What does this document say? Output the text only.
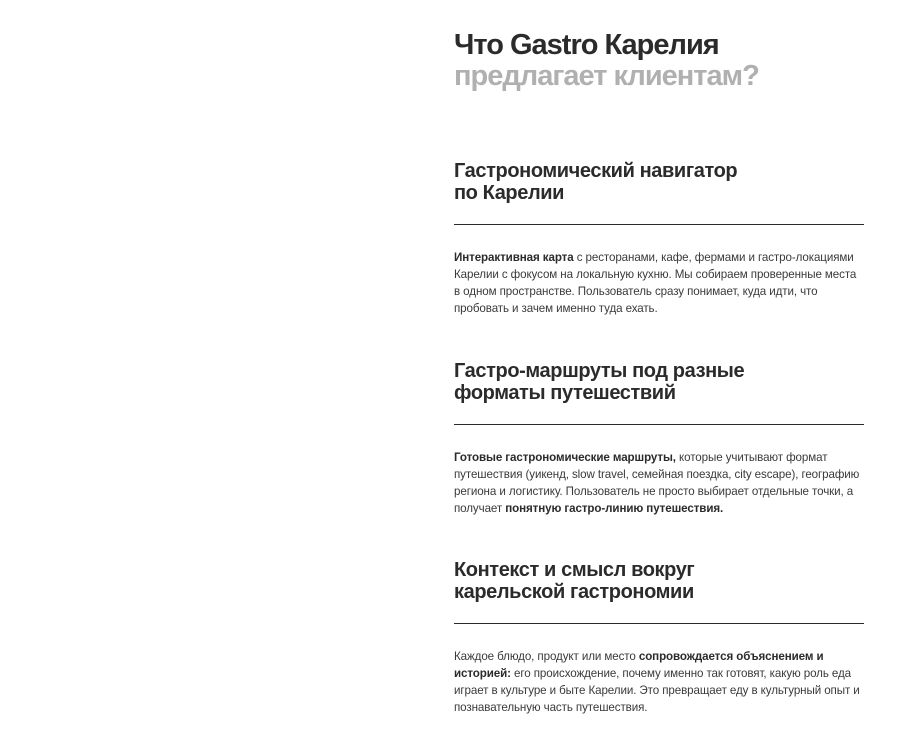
Что Gastro Карелия
предлагает клиентам?
Гастрономический навигатор
по Карелии

Интерактивная карта с ресторанами, кафе, фермами и гастро-локациями Карелии с фокусом на локальную кухню. Мы собираем проверенные места в одном пространстве. Пользователь сразу понимает, куда идти, что пробовать и зачем именно туда ехать.

Гастро-маршруты под разные
форматы путешествий

Готовые гастрономические маршруты, которые учитывают формат путешествия (уикенд, slow travel, семейная поездка, city escape), географию региона и логистику. Пользователь не просто выбирает отдельные точки, а получает понятную гастро-линию путешествия.

Контекст и смысл вокруг
карельской гастрономии

Каждое блюдо, продукт или место сопровождается объяснением и историей: его происхождение, почему именно так готовят, какую роль еда играет в культуре и быте Карелии. Это превращает еду в культурный опыт и познавательную часть путешествия.
